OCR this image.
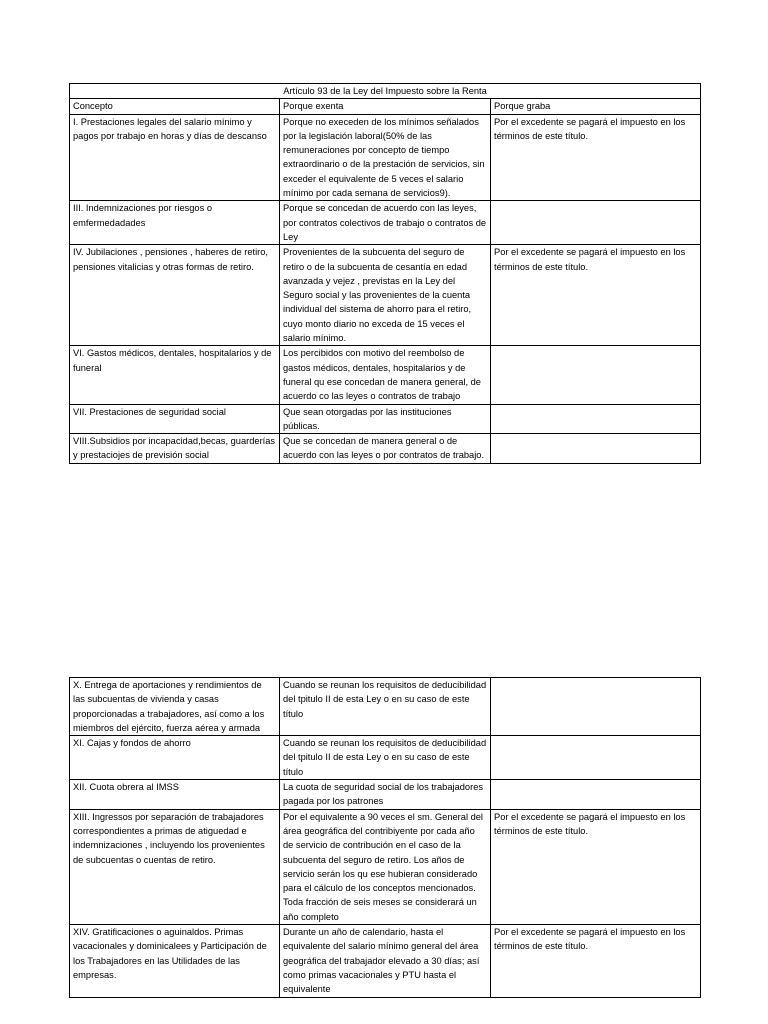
Artículo 93 de la Ley del Impuesto sobre la Renta		
Concepto	Porque exenta	Porque graba
I. Prestaciones legales del salario mínimo y pagos por trabajo en horas y días de descanso	Porque no execeden de los mínimos señalados por la legislación laboral(50% de las remuneraciones por concepto de tiempo extraordinario o de la prestación de servicios, sin exceder el equivalente de 5 veces el salario mínimo por cada semana de servicios9).	Por el excedente se pagará el impuesto en los términos de este título.
III. Indemnizaciones por riesgos o emfermedadades	Porque se concedan de acuerdo con las leyes, por contratos colectivos de trabajo o contratos de Ley	
IV. Jubilaciones , pensiones , haberes de retiro, pensiones vitalicias y otras formas de retiro.	Provenientes de la subcuenta del seguro de retiro o de la subcuenta de cesantía en edad avanzada y vejez , previstas en la Ley del Seguro social y las provenientes de la cuenta individual del sistema de ahorro para el retiro, cuyo monto diario no exceda de 15 veces el salario mínimo.	Por el excedente se pagará el impuesto en los términos de este título.
VI. Gastos médicos, dentales, hospitalarios y de funeral	Los percibidos con motivo del reembolso de gastos médicos, dentales, hospitalarios y de funeral qu ese concedan de manera general, de acuerdo co las leyes o contratos de trabajo	
VII. Prestaciones de seguridad social	Que sean otorgadas por las instituciones públicas.	
VIII.Subsidios por incapacidad,becas, guarderías y prestaciojes de previsión social	Que se concedan de manera general o de acuerdo con las leyes o por contratos de trabajo.	
X. Entrega de aportaciones y rendimientos de las subcuentas de vivienda y casas proporcionadas a trabajadores, así como a los miembros del ejército, fuerza aérea y armada	Cuando se reunan los requisitos de deducibilidad del tpitulo II de esta Ley o en su caso de este título	
XI. Cajas y fondos de ahorro	Cuando se reunan los requisitos de deducibilidad del tpitulo II de esta Ley o en su caso de este título	
XII. Cuota obrera al IMSS	La cuota de seguridad social de los trabajadores pagada por los patrones	
XIII. Ingressos por separación de trabajadores correspondientes a primas de atiguedad e indemnizaciones , incluyendo los provenientes de subcuentas o cuentas de retiro.	Por el equivalente a 90 veces el sm. General del área geográfica del contribiyente por cada año de servicio de contribución en el caso de la subcuenta del seguro de retiro. Los años de servicio serán los qu ese hubieran considerado para el cálculo de los conceptos mencionados. Toda fracción de seis meses se considerará un año completo	Por el excedente se pagará el impuesto en los términos de este título.
XIV. Gratificaciones o aguinaldos. Primas vacacionales y dominicalees y Participación de los Trabajadores en las Utilidades de las empresas.	Durante un año de calendario, hasta el equivalente del salario mínimo general del área geográfica del trabajador elevado a 30 días; así como primas vacacionales y PTU hasta el equivalente	Por el excedente se pagará el impuesto en los términos de este título.
